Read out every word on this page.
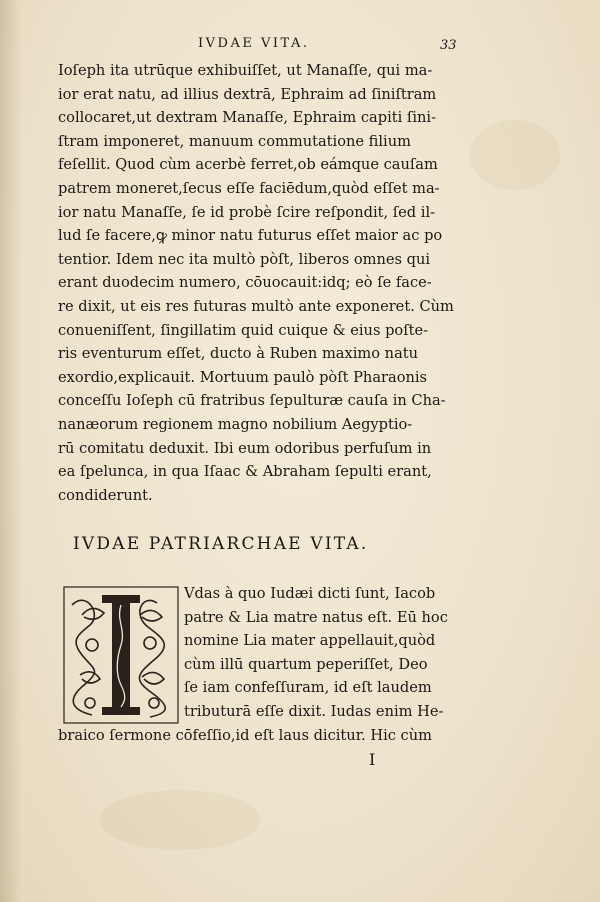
IVDAE VITA.	33
Ioſeph ita utrūque exhibuiſſet, ut Manaſſe, qui ma-
ior erat natu, ad illius dextrā, Ephraim ad ſiniſtram
collocaret,ut dextram Manaſſe, Ephraim capiti ſini-
ſtram imponeret, manuum commutatione filium
feſellit. Quod cùm acerbè ferret,ob eámque cauſam
patrem moneret,ſecus eſſe faciēdum,quòd eſſet ma-
ior natu Manaſſe, ſe id probè ſcire reſpondit, ſed il-
lud ſe facere,ꝙ minor natu futurus eſſet maior ac po
tentior. Idem nec ita multò pòſt, liberos omnes qui
erant duodecim numero, cōuocauit:idq; eò ſe face-
re dixit, ut eis res futuras multò ante exponeret. Cùm
conueniſſent, ſingillatim quid cuique & eius poſte-
ris eventurum eſſet, ducto à Ruben maximo natu
exordio,explicauit. Mortuum paulò pòſt Pharaonis
conceſſu Ioſeph cū fratribus ſepulturæ cauſa in Cha-
nanæorum regionem magno nobilium Aegyptio-
rū comitatu deduxit. Ibi eum odoribus perfuſum in
ea ſpelunca, in qua Iſaac & Abraham ſepulti erant,
condiderunt.
IVDAE PATRIARCHAE VITA.
Vdas à quo Iudæi dicti ſunt, Iacob
patre & Lia matre natus eſt. Eū hoc
nomine Lia mater appellauit,quòd
cùm illū quartum peperiſſet, Deo
ſe iam confeſſuram, id eſt laudem
tributurā eſſe dixit. Iudas enim He-
braico ſermone cōfeſſio,id eſt laus dicitur. Hic cùm
I
